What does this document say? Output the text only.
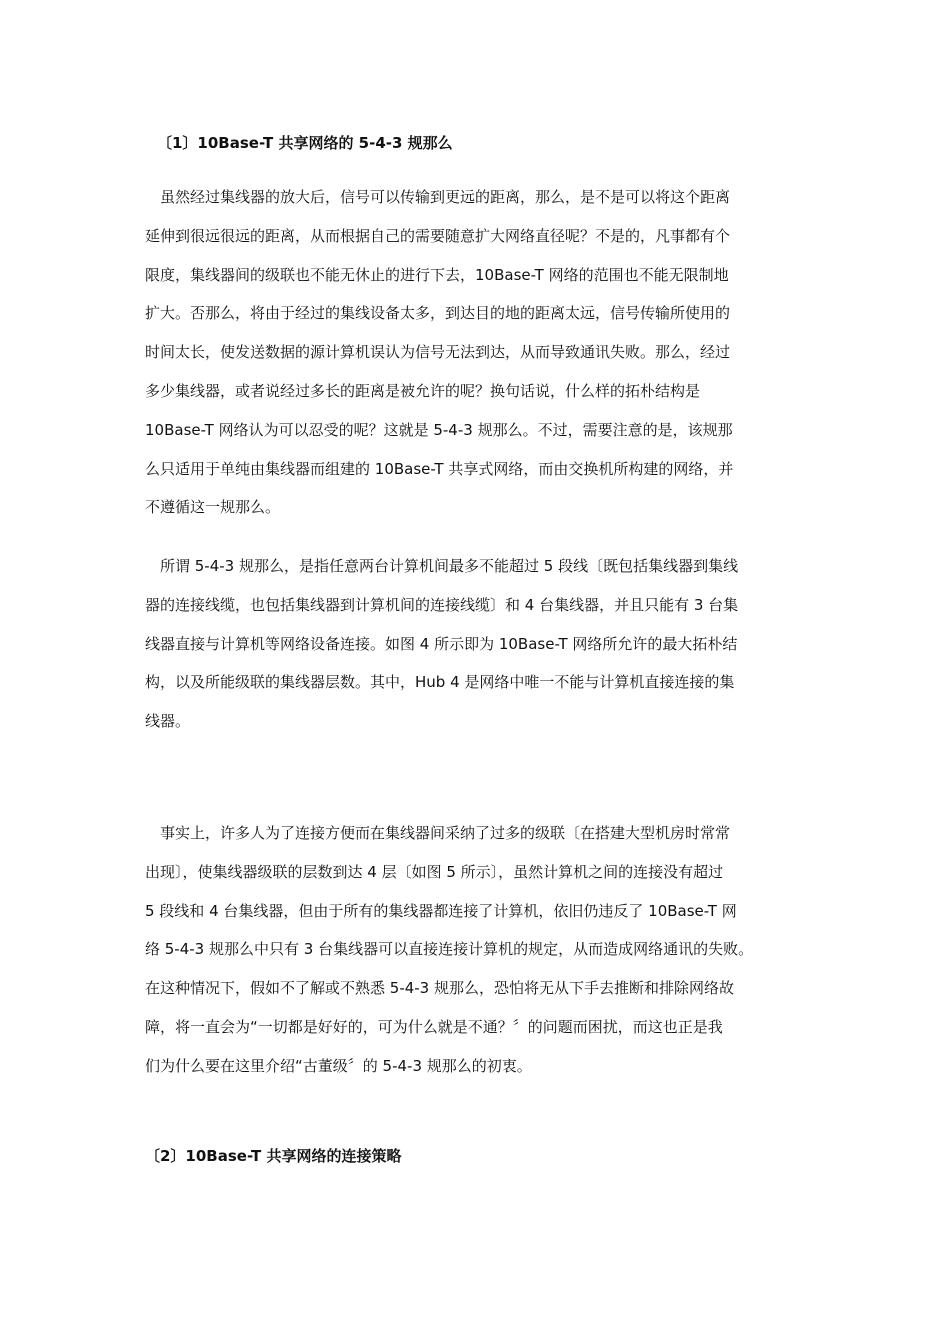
〔1〕10Base-T 共享网络的 5-4-3 规那么
　虽然经过集线器的放大后，信号可以传输到更远的距离，那么，是不是可以将这个距离
延伸到很远很远的距离，从而根据自己的需要随意扩大网络直径呢？不是的，凡事都有个
限度，集线器间的级联也不能无休止的进行下去，10Base-T 网络的范围也不能无限制地
扩大。否那么，将由于经过的集线设备太多，到达目的地的距离太远，信号传输所使用的
时间太长，使发送数据的源计算机误认为信号无法到达，从而导致通讯失败。那么，经过
多少集线器，或者说经过多长的距离是被允许的呢？换句话说，什么样的拓朴结构是
10Base-T 网络认为可以忍受的呢？这就是 5-4-3 规那么。不过，需要注意的是，该规那
么只适用于单纯由集线器而组建的 10Base-T 共享式网络，而由交换机所构建的网络，并
不遵循这一规那么。
　所谓 5-4-3 规那么，是指任意两台计算机间最多不能超过 5 段线〔既包括集线器到集线
器的连接线缆，也包括集线器到计算机间的连接线缆〕和 4 台集线器，并且只能有 3 台集
线器直接与计算机等网络设备连接。如图 4 所示即为 10Base-T 网络所允许的最大拓朴结
构，以及所能级联的集线器层数。其中，Hub 4 是网络中唯一不能与计算机直接连接的集
线器。
　事实上，许多人为了连接方便而在集线器间采纳了过多的级联〔在搭建大型机房时常常
出现〕，使集线器级联的层数到达 4 层〔如图 5 所示〕，虽然计算机之间的连接没有超过
5 段线和 4 台集线器，但由于所有的集线器都连接了计算机，依旧仍违反了 10Base-T 网
络 5-4-3 规那么中只有 3 台集线器可以直接连接计算机的规定，从而造成网络通讯的失败。
在这种情况下，假如不了解或不熟悉 5-4-3 规那么，恐怕将无从下手去推断和排除网络故
障，将一直会为“一切都是好好的，可为什么就是不通？〞的问题而困扰，而这也正是我
们为什么要在这里介绍“古董级〞的 5-4-3 规那么的初衷。
〔2〕10Base-T 共享网络的连接策略
